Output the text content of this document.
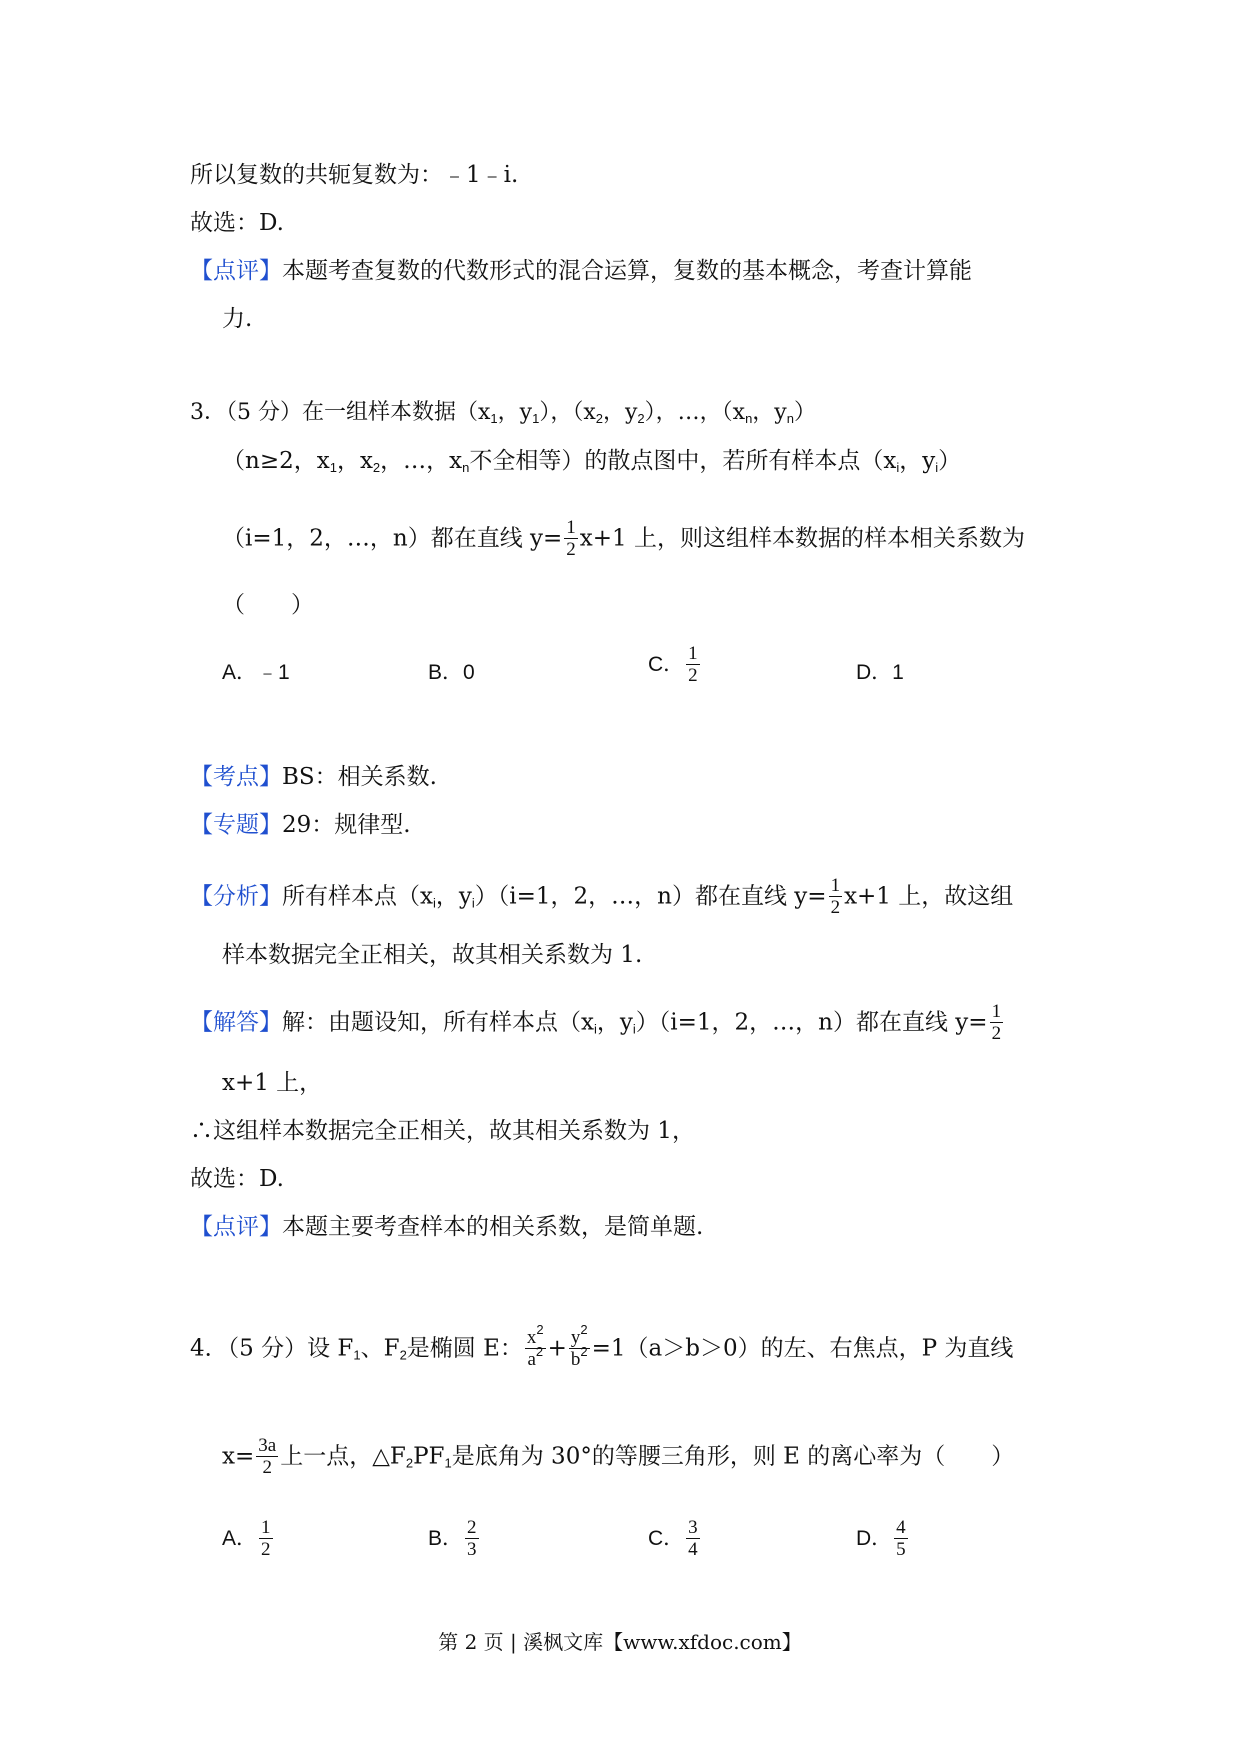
所以复数的共轭复数为：﹣1﹣i.
故选：D.
【点评】本题考查复数的代数形式的混合运算，复数的基本概念，考查计算能
力.
3．（5 分）在一组样本数据（$x_1$，$y_1$），（$x_2$，$y_2$），…，（$x_n$，$y_n$）
（n≥2，$x_1$，$x_2$，…，$x_n$不全相等）的散点图中，若所有样本点（$x_i$，$y_i$）
（i=1，2，…，n）都在直线 $y= \frac{1}{2} x+1$ 上，则这组样本数据的样本相关系数为
（　　）
A．﹣1	B．0	C． $\frac{1}{2}$	D．1
【考点】BS：相关系数.
【专题】29：规律型.
【分析】所有样本点（$x_i$，$y_i)(i=1$，2，…，n）都在直线 $y= \frac{1}{2} x+1$ 上，故这组
样本数据完全正相关，故其相关系数为 1.
【解答】解：由题设知，所有样本点（$x_i$，$y_i)(i=1$，2，…，n）都在直线 $y= \frac{1}{2}$
x+1 上，
∴这组样本数据完全正相关，故其相关系数为 1，
故选：D.
【点评】本题主要考查样本的相关系数，是简单题.
4．（5 分）设 $F_1$、$F_2$是椭圆 E： $\frac{x^2}{a^2} + \frac{y^2}{b^2} =1(a>b>0)$的左、右焦点，P 为直线
$x= \frac{3a}{2}$ 上一点，$\triangle F_2PF_1$是底角为 30°的等腰三角形，则 E 的离心率为（　　）
A． $\frac{1}{2}$	B． $\frac{2}{3}$	C． $\frac{3}{4}$	D． $\frac{4}{5}$
第 2 页 | 溪枫文库【www.xfdoc.com】
